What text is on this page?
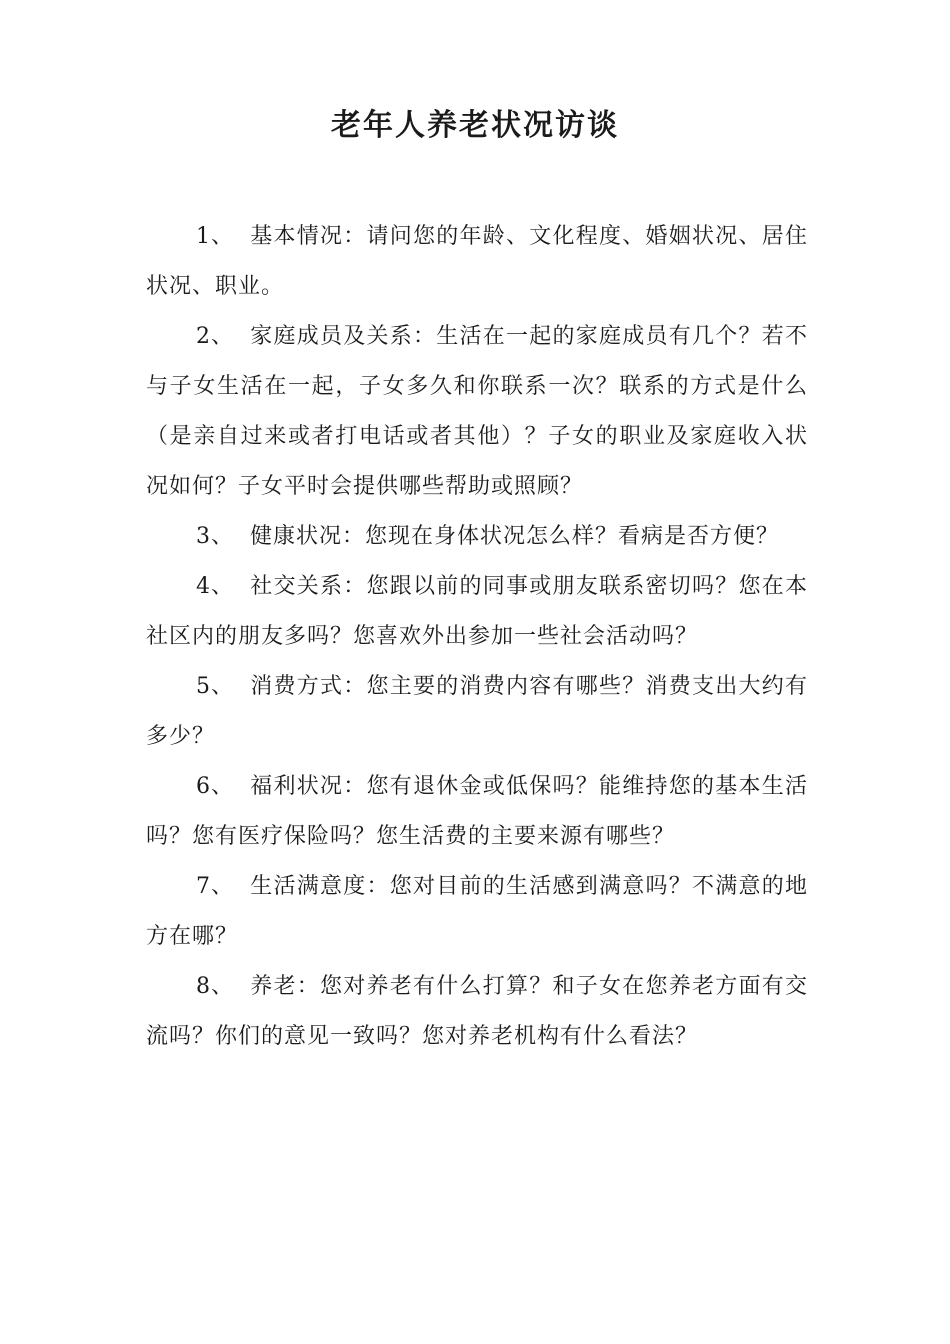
老年人养老状况访谈

1、 基本情况：请问您的年龄、文化程度、婚姻状况、居住状况、职业。

2、 家庭成员及关系：生活在一起的家庭成员有几个？若不与子女生活在一起，子女多久和你联系一次？联系的方式是什么（是亲自过来或者打电话或者其他）？子女的职业及家庭收入状况如何？子女平时会提供哪些帮助或照顾？

3、 健康状况：您现在身体状况怎么样？看病是否方便？

4、 社交关系：您跟以前的同事或朋友联系密切吗？您在本社区内的朋友多吗？您喜欢外出参加一些社会活动吗？

5、 消费方式：您主要的消费内容有哪些？消费支出大约有多少？

6、 福利状况：您有退休金或低保吗？能维持您的基本生活吗？您有医疗保险吗？您生活费的主要来源有哪些？

7、 生活满意度：您对目前的生活感到满意吗？不满意的地方在哪？

8、 养老：您对养老有什么打算？和子女在您养老方面有交流吗？你们的意见一致吗？您对养老机构有什么看法？
